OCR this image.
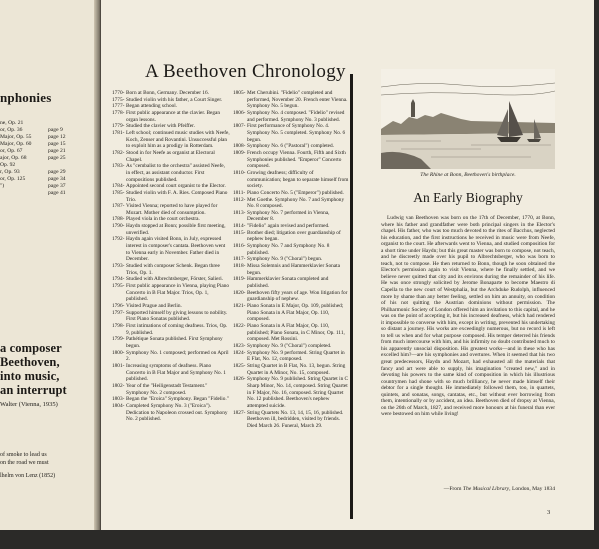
nphonies
ne, Op. 21
or, Op. 36	page 9
Major, Op. 55	page 12
Major, Op. 60	page 15
or, Op. 67	page 21
ajor, Op. 68	page 25
Op. 92
r, Op. 93	page 29
or, Op. 125	page 34
")	page 37
page 41
a composer
Beethoven,
into music,
an interrupt
Walter (Vienna, 1935)
of smoke to lead us
on the road we must
lhelm von Lenz (1852)
A Beethoven Chronology
1770- Born at Bonn, Germany. December 16.
1775- Studied violin with his father, a Court Singer.
1777- Began attending school.
1778- First public appearance at the clavier. Began organ lessons.
1779- Studied the clavier with Pfeiffer.
1781- Left school; continued music studies with Neefe, Koch, Zenser and Rovantini. Unsuccessful plan to exploit him as a prodigy in Rotterdam.
1782- Stood in for Neefe as organist at Electoral Chapel.
1783- As "cembalist to the orchestra" assisted Neefe, in effect, as assistant conductor. First compositions published.
1784- Appointed second court organist to the Elector.
1785- Studied violin with F. A. Ries. Composed Piano Trio.
1787- Visited Vienna; reported to have played for Mozart. Mother died of consumption.
1788- Played viola in the court orchestra.
1790- Haydn stopped at Bonn; possible first meeting, unverified.
1792- Haydn again visited Bonn, in July, expressed interest in composer's cantata. Beethoven went to Vienna early in November. Father died in December.
1793- Studied with composer Schenk. Began three Trios, Op. 1.
1794- Studied with Albrechtsberger, Förster, Salieri.
1795- First public appearance in Vienna, playing Piano Concerto in B Flat Major. Trios, Op. 1, published.
1796- Visited Prague and Berlin.
1797- Supported himself by giving lessons to nobility. First Piano Sonatas published.
1798- First intimations of coming deafness. Trios, Op. 9, published.
1799- Pathétique Sonata published. First Symphony begun.
1800- Symphony No. 1 composed; performed on April 2.
1801- Increasing symptoms of deafness. Piano Concerto in B Flat Major and Symphony No. 1 published.
1802- Year of the "Heiligenstadt Testament." Symphony No. 2 composed.
1803- Began the "Eroica" Symphony. Began "Fidelio."
1804- Completed Symphony No. 3 ("Eroica"). Dedication to Napoleon crossed out. Symphony No. 2 published.
1805- Met Cherubini. "Fidelio" completed and performed, November 20. French enter Vienna. Symphony No. 5 begun.
1806- Symphony No. 4 composed. "Fidelio" revised and performed. Symphony No. 3 published.
1807- First performance of Symphony No. 4. Symphony No. 5 completed. Symphony No. 6 begun.
1808- Symphony No. 6 ("Pastoral") completed.
1809- French occupy Vienna. Fourth, Fifth and Sixth Symphonies published. "Emperor" Concerto composed.
1810- Growing deafness; difficulty of communication; began to separate himself from society.
1811- Piano Concerto No. 5 ("Emperor") published.
1812- Met Goethe. Symphony No. 7 and Symphony No. 8 composed.
1813- Symphony No. 7 performed in Vienna, December 8.
1814- "Fidelio" again revised and performed.
1815- Brother died; litigation over guardianship of nephew began.
1816- Symphony No. 7 and Symphony No. 8 published.
1817- Symphony No. 9 ("Choral") begun.
1818- Missa Solemnis and Hammerklavier Sonata begun.
1819- Hammerklavier Sonata completed and published.
1820- Beethoven fifty years of age. Won litigation for guardianship of nephew.
1821- Piano Sonata in E Major, Op. 109, published; Piano Sonata in A Flat Major, Op. 110, composed.
1822- Piano Sonata in A Flat Major, Op. 110, published; Piano Sonata, in C Minor, Op. 111, composed. Met Rossini.
1823- Symphony No. 9 ("Choral") completed.
1824- Symphony No. 9 performed. String Quartet in E Flat, No. 12, composed.
1825- String Quartet in B Flat, No. 13, begun. String Quartet in A Minor, No. 15, composed.
1826- Symphony No. 9 published. String Quartet in C Sharp Minor, No. 14, composed. String Quartet in F Major, No. 16, composed. String Quartet No. 12 published. Beethoven's nephew attempted suicide.
1827- String Quartets No. 13, 14, 15, 16, published. Beethoven ill, bedridden, visited by friends. Died March 26. Funeral, March 29.
The Rhine at Bonn, Beethoven's birthplace.
An Early Biography

Ludwig van Beethoven was born on the 17th of December, 1770, at Bonn, where his father and grandfather were both principal singers in the Elector's chapel. His father, who was too much devoted to the rites of Bacchus, neglected his education, and the first instructions he received in music were from Neefe, organist to the court. He afterwards went to Vienna, and studied composition for a short time under Haydn; but this great master was born to compose, not teach, and he discreetly made over his pupil to Albrechtsberger, who was born to teach, not to compose. He then returned to Bonn, though he soon obtained the Elector's permission again to visit Vienna, where he finally settled, and we believe never quitted that city and its environs during the remainder of his life. He was once strongly solicited by Jerome Bonaparte to become Maestro di Capella to the new court of Westphalia, but the Archduke Rudolph, influenced more by shame than any better feeling, settled on him an annuity, on condition of his not quitting the Austrian dominions without permission. The Philharmonic Society of London offered him an invitation to this capital, and he was on the point of accepting it, but his increased deafness, which had rendered it impossible to converse with him, except in writing, prevented his undertaking so distant a journey. His works are exceedingly numerous, but no record is left to tell us when and for what purpose composed. His temper deterred his friends from much intercourse with him, and his infirmity no doubt contributed much to his apparently unsocial disposition. His greatest works—and in these who has excelled him?—are his symphonies and overtures. When it seemed that his two great predecessors, Haydn and Mozart, had exhausted all the materials that fancy and art were able to supply, his imagination "created new," and in devoting his powers to the same kind of composition in which his illustrious countrymen had shone with so much brilliancy, he never made himself their debtor for a single thought. He immediately followed them, too, in quartets, quintets, and sonatas, songs, cantatas, etc., but without ever borrowing from them, intentionally or by accident, an idea. Beethoven died of dropsy at Vienna, on the 26th of March, 1827, and received more honours at his funeral than ever were bestowed on him while living!

—From The Musical Library, London, May 1834
3
